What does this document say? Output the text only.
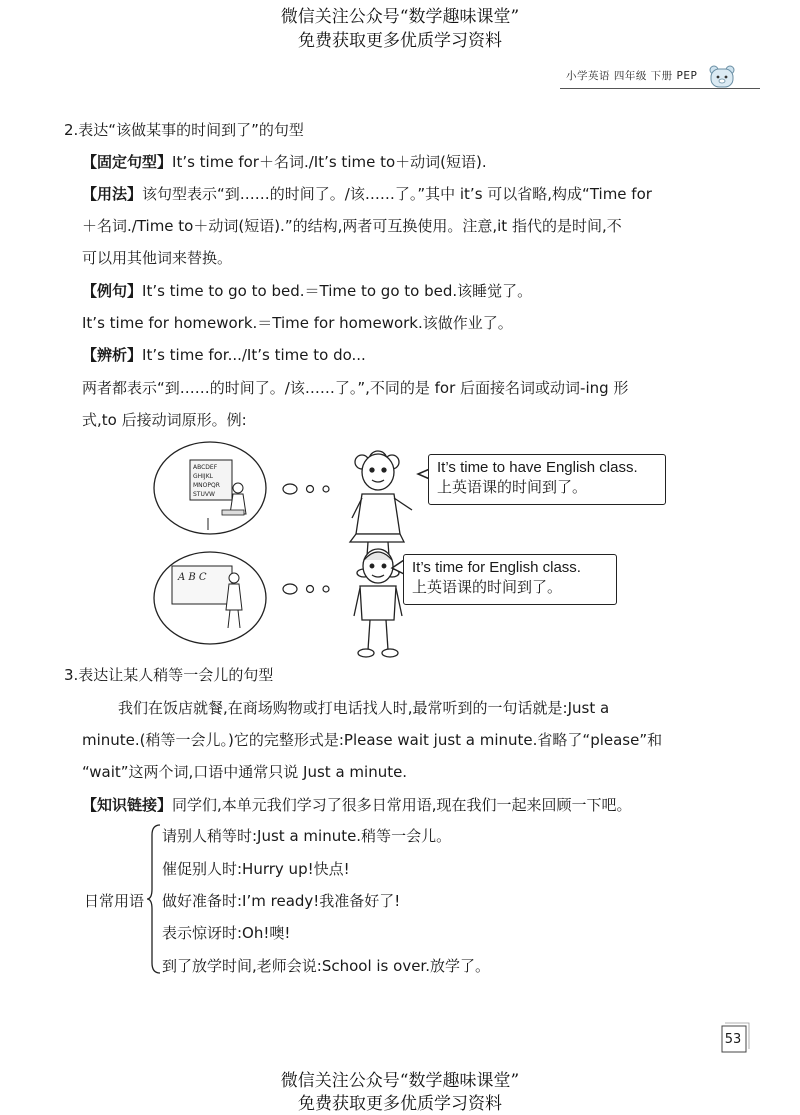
微信关注公众号“数学趣味课堂”
免费获取更多优质学习资料
小学英语 四年级 下册 PEP
2.表达“该做某事的时间到了”的句型
【固定句型】It’s time for＋名词./It’s time to＋动词(短语).
【用法】该句型表示“到……的时间了。/该……了。”其中 it’s 可以省略,构成“Time for
＋名词./Time to＋动词(短语).”的结构,两者可互换使用。注意,it 指代的是时间,不
可以用其他词来替换。
【例句】It’s time to go to bed.＝Time to go to bed.该睡觉了。
It’s time for homework.＝Time for homework.该做作业了。
【辨析】It’s time for.../It’s time to do...
两者都表示“到……的时间了。/该……了。”,不同的是 for 后面接名词或动词-ing 形
式,to 后接动词原形。例:
ABCDEF
GHIJKL
MNOPQR
STUVW
A B C
It’s time to have English class.
上英语课的时间到了。
It’s time for English class.
上英语课的时间到了。
3.表达让某人稍等一会儿的句型
我们在饭店就餐,在商场购物或打电话找人时,最常听到的一句话就是:Just a
minute.(稍等一会儿。)它的完整形式是:Please wait just a minute.省略了“please”和
“wait”这两个词,口语中通常只说 Just a minute.
【知识链接】同学们,本单元我们学习了很多日常用语,现在我们一起来回顾一下吧。
日常用语
请别人稍等时:Just a minute.稍等一会儿。
催促别人时:Hurry up!快点!
做好准备时:I’m ready!我准备好了!
表示惊讶时:Oh!噢!
到了放学时间,老师会说:School is over.放学了。
53
微信关注公众号“数学趣味课堂”
免费获取更多优质学习资料
